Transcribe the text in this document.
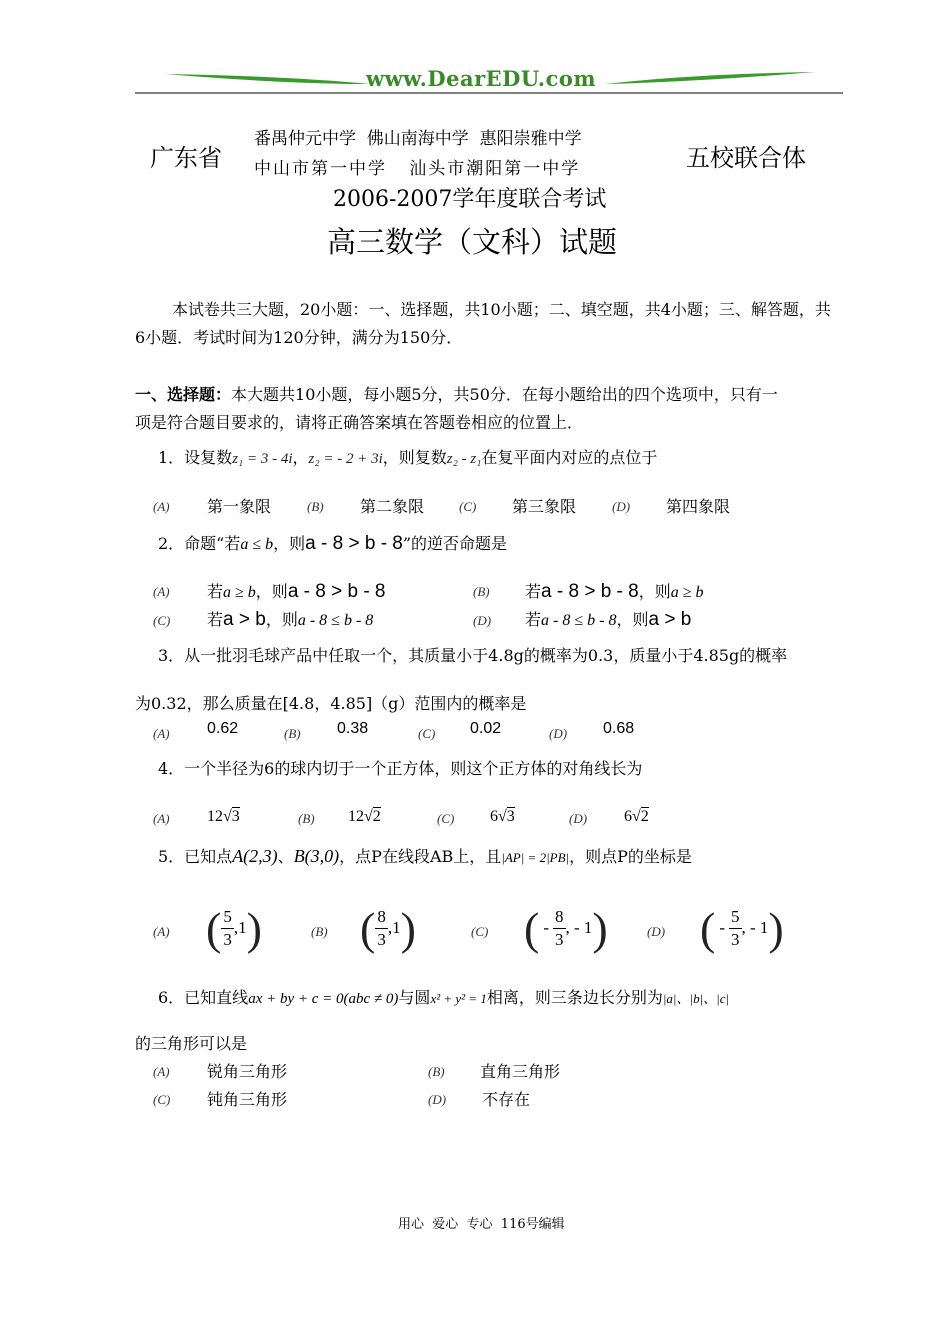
www.DearEDU.com
广东省
番禺仲元中学  佛山南海中学  惠阳崇雅中学
中山市第一中学   汕头市潮阳第一中学	五校联合体
2006-2007学年度联合考试
高三数学（文科）试题
本试卷共三大题，20小题：一、选择题，共10小题；二、填空题，共4小题；三、解答题，共
6小题．考试时间为120分钟，满分为150分．
一、选择题：本大题共10小题，每小题5分，共50分．在每小题给出的四个选项中，只有一
项是符合题目要求的，请将正确答案填在答题卷相应的位置上．
1．设复数z₁ = 3 - 4i，z₂ = - 2 + 3i，则复数z₂ - z₁在复平面内对应的点位于
(A) 第一象限	(B) 第二象限	(C) 第三象限	(D) 第四象限
2．命题“若a ≤ b，则a - 8 > b - 8”的逆否命题是
(A) 若a ≥ b，则a - 8 > b - 8	(B) 若a - 8 > b - 8，则a ≥ b
(C) 若a > b，则a - 8 ≤ b - 8	(D) 若a - 8 ≤ b - 8，则a > b
3．从一批羽毛球产品中任取一个，其质量小于4.8g的概率为0.3，质量小于4.85g的概率
为0.32，那么质量在[4.8，4.85]（g）范围内的概率是
(A) 0.62	(B) 0.38	(C) 0.02	(D) 0.68
4．一个半径为6的球内切于一个正方体，则这个正方体的对角线长为
(A) 12√3	(B) 12√2	(C) 6√3	(D) 6√2
5．已知点A(2,3)、B(3,0)，点P在线段AB上，且|AP| = 2|PB|，则点P的坐标是
(A) ( $\frac{5}{3} ,1$ )	(B) ( $\frac{8}{3} ,1$ )	(C) ( - $\frac{8}{3}$ , - 1 )	(D) ( - $\frac{5}{3}$ , - 1 )
6．已知直线ax + by + c = 0(abc ≠ 0)与圆x² + y² = 1相离，则三条边长分别为|a|、|b|、|c|
的三角形可以是
(A) 锐角三角形	(B) 直角三角形
(C) 钝角三角形	(D) 不存在
用心  爱心  专心  116号编辑
